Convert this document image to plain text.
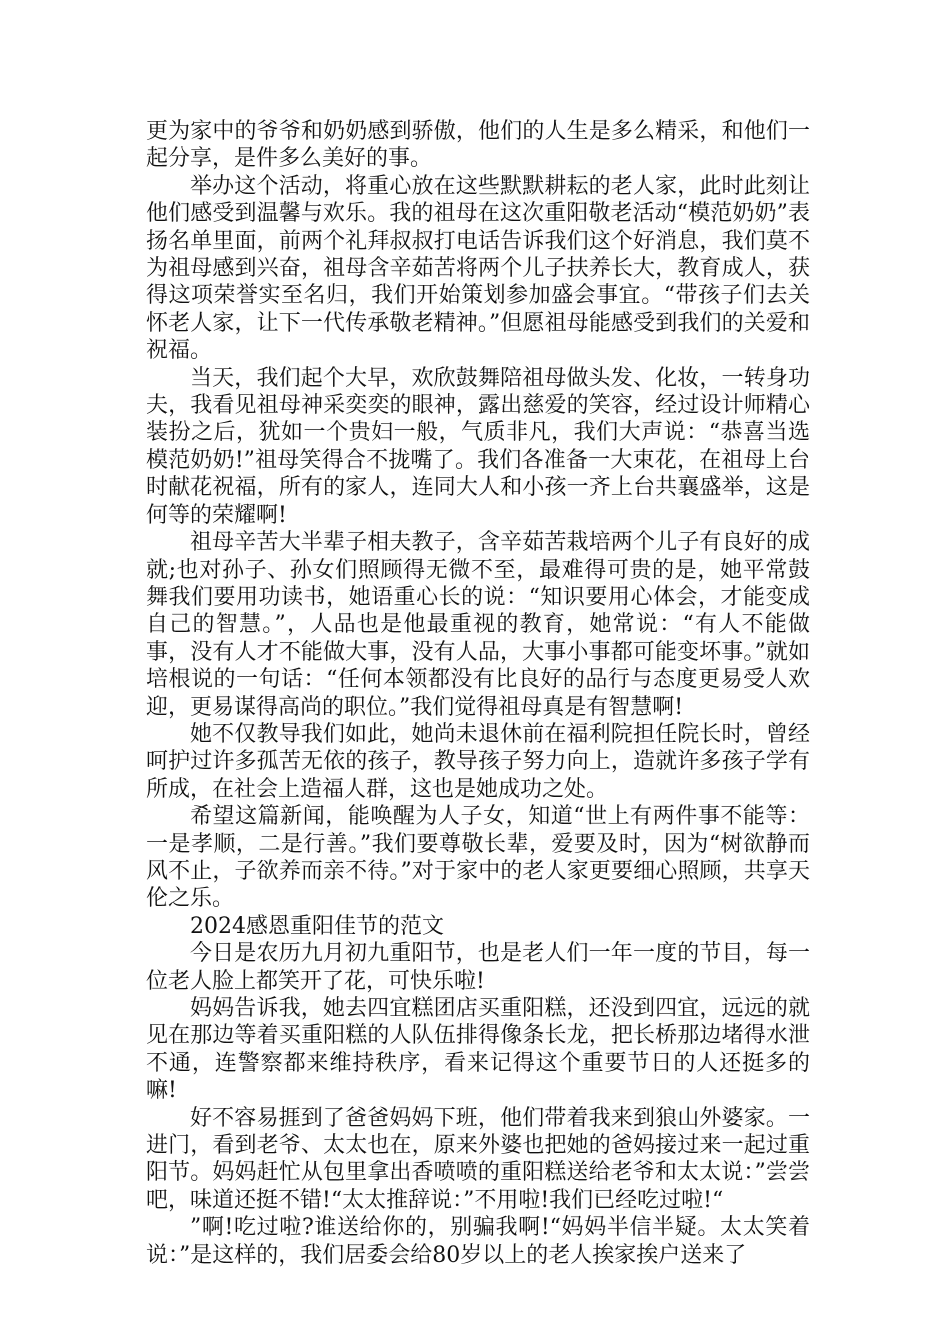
更为家中的爷爷和奶奶感到骄傲，他们的人生是多么精采，和他们一起分享，是件多么美好的事。

举办这个活动，将重心放在这些默默耕耘的老人家，此时此刻让他们感受到温馨与欢乐。我的祖母在这次重阳敬老活动“模范奶奶”表扬名单里面，前两个礼拜叔叔打电话告诉我们这个好消息，我们莫不为祖母感到兴奋，祖母含辛茹苦将两个儿子扶养长大，教育成人，获得这项荣誉实至名归，我们开始策划参加盛会事宜。“带孩子们去关怀老人家，让下一代传承敬老精神。”但愿祖母能感受到我们的关爱和祝福。

当天，我们起个大早，欢欣鼓舞陪祖母做头发、化妆，一转身功夫，我看见祖母神采奕奕的眼神，露出慈爱的笑容，经过设计师精心装扮之后，犹如一个贵妇一般，气质非凡，我们大声说：“恭喜当选模范奶奶!”祖母笑得合不拢嘴了。我们各准备一大束花，在祖母上台时献花祝福，所有的家人，连同大人和小孩一齐上台共襄盛举，这是何等的荣耀啊!

祖母辛苦大半辈子相夫教子，含辛茹苦栽培两个儿子有良好的成就;也对孙子、孙女们照顾得无微不至，最难得可贵的是，她平常鼓舞我们要用功读书，她语重心长的说：“知识要用心体会，才能变成自己的智慧。”，人品也是他最重视的教育，她常说：“有人不能做事，没有人才不能做大事，没有人品，大事小事都可能变坏事。”就如培根说的一句话：“任何本领都没有比良好的品行与态度更易受人欢迎，更易谋得高尚的职位。”我们觉得祖母真是有智慧啊!

她不仅教导我们如此，她尚未退休前在福利院担任院长时，曾经呵护过许多孤苦无依的孩子，教导孩子努力向上，造就许多孩子学有所成，在社会上造福人群，这也是她成功之处。

希望这篇新闻，能唤醒为人子女，知道“世上有两件事不能等：一是孝顺，二是行善。”我们要尊敬长辈，爱要及时，因为“树欲静而风不止，子欲养而亲不待。”对于家中的老人家更要细心照顾，共享天伦之乐。

2024感恩重阳佳节的范文

今日是农历九月初九重阳节，也是老人们一年一度的节目，每一位老人脸上都笑开了花，可快乐啦!

妈妈告诉我，她去四宜糕团店买重阳糕，还没到四宜，远远的就见在那边等着买重阳糕的人队伍排得像条长龙，把长桥那边堵得水泄不通，连警察都来维持秩序，看来记得这个重要节日的人还挺多的嘛!

好不容易捱到了爸爸妈妈下班，他们带着我来到狼山外婆家。一进门，看到老爷、太太也在，原来外婆也把她的爸妈接过来一起过重阳节。妈妈赶忙从包里拿出香喷喷的重阳糕送给老爷和太太说：”尝尝吧，味道还挺不错!“太太推辞说：”不用啦!我们已经吃过啦!“

”啊!吃过啦?谁送给你的，别骗我啊!“妈妈半信半疑。太太笑着说：”是这样的，我们居委会给80岁以上的老人挨家挨户送来了
